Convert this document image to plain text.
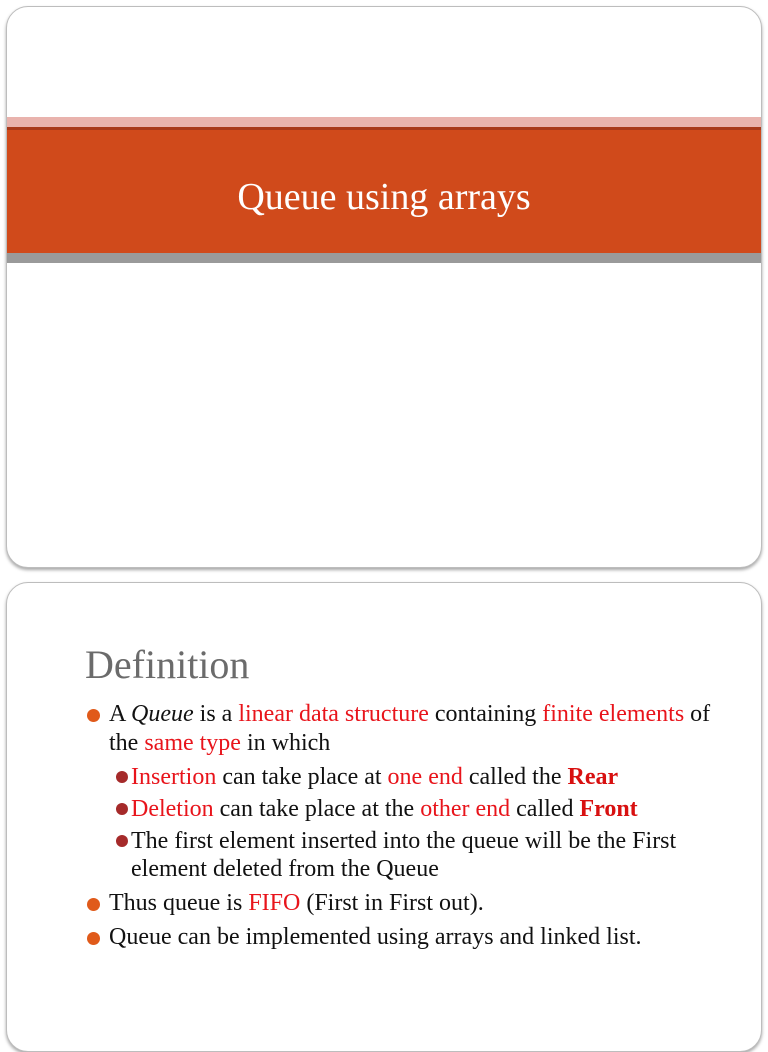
Queue using arrays
Definition
A Queue is a linear data structure containing finite elements of the same type in which
Insertion can take place at one end called the Rear
Deletion can take place at the other end called Front
The first element inserted into the queue will be the First element deleted from the Queue
Thus queue is FIFO (First in First out).
Queue can be implemented using arrays and linked list.
